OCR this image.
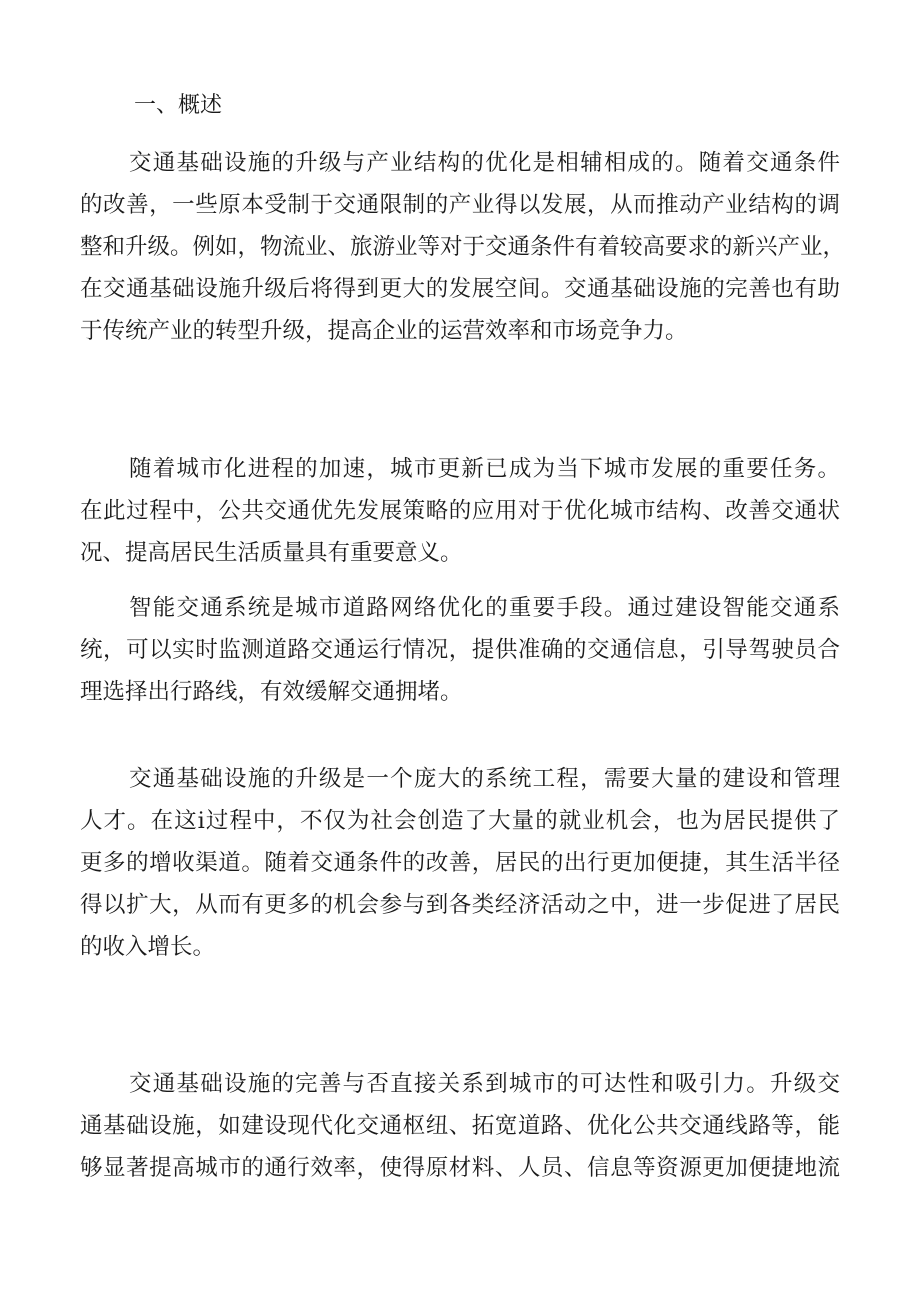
一、概述
交通基础设施的升级与产业结构的优化是相辅相成的。随着交通条件
的改善，一些原本受制于交通限制的产业得以发展，从而推动产业结构的调
整和升级。例如，物流业、旅游业等对于交通条件有着较高要求的新兴产业，
在交通基础设施升级后将得到更大的发展空间。交通基础设施的完善也有助
于传统产业的转型升级，提高企业的运营效率和市场竞争力。
随着城市化进程的加速，城市更新已成为当下城市发展的重要任务。
在此过程中，公共交通优先发展策略的应用对于优化城市结构、改善交通状
况、提高居民生活质量具有重要意义。
智能交通系统是城市道路网络优化的重要手段。通过建设智能交通系
统，可以实时监测道路交通运行情况，提供准确的交通信息，引导驾驶员合
理选择出行路线，有效缓解交通拥堵。
交通基础设施的升级是一个庞大的系统工程，需要大量的建设和管理
人才。在这i过程中，不仅为社会创造了大量的就业机会，也为居民提供了
更多的增收渠道。随着交通条件的改善，居民的出行更加便捷，其生活半径
得以扩大，从而有更多的机会参与到各类经济活动之中，进一步促进了居民
的收入增长。
交通基础设施的完善与否直接关系到城市的可达性和吸引力。升级交
通基础设施，如建设现代化交通枢纽、拓宽道路、优化公共交通线路等，能
够显著提高城市的通行效率，使得原材料、人员、信息等资源更加便捷地流
